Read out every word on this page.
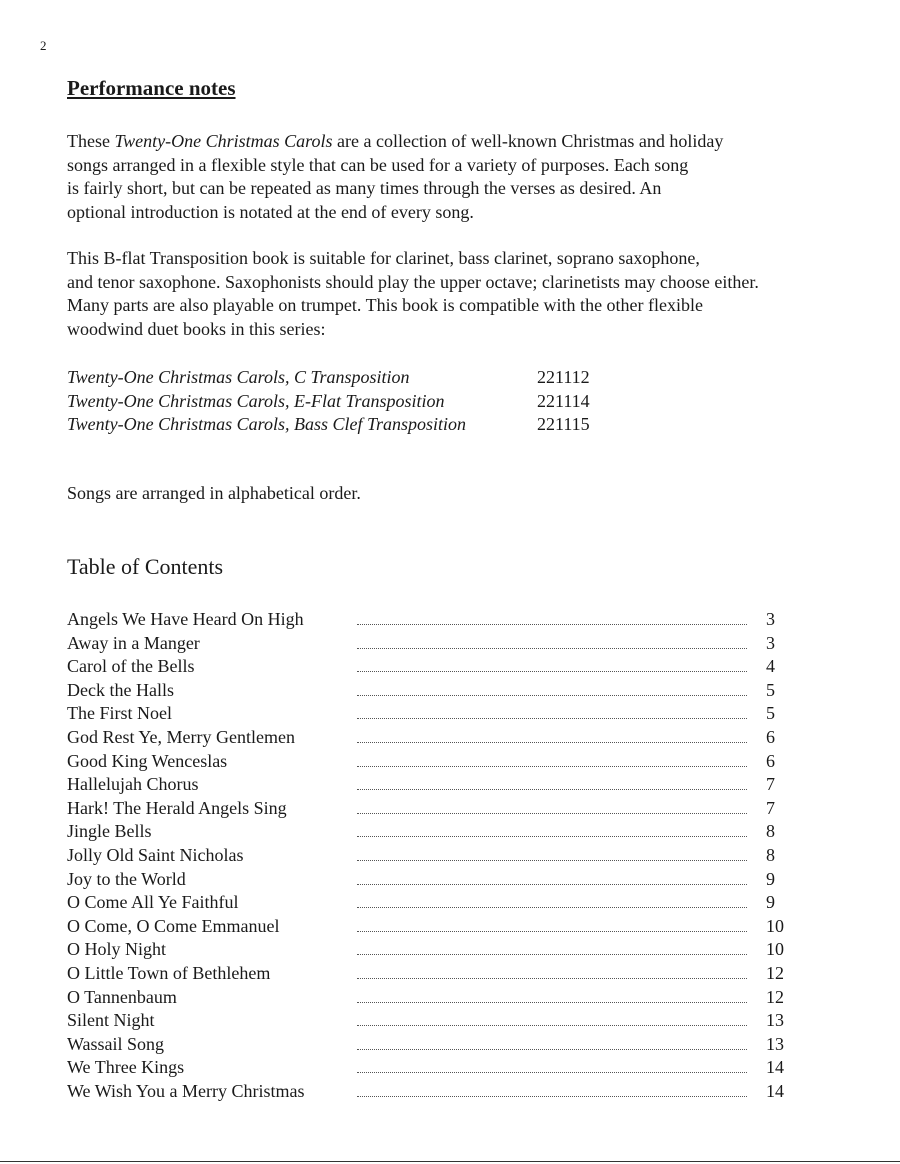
2
Performance notes
These Twenty-One Christmas Carols are a collection of well-known Christmas and holiday
songs arranged in a flexible style that can be used for a variety of purposes. Each song
is fairly short, but can be repeated as many times through the verses as desired. An
optional introduction is notated at the end of every song.
This B-flat Transposition book is suitable for clarinet, bass clarinet, soprano saxophone,
and tenor saxophone. Saxophonists should play the upper octave; clarinetists may choose either.
Many parts are also playable on trumpet. This book is compatible with the other flexible
woodwind duet books in this series:
Twenty-One Christmas Carols, C Transposition	221112
Twenty-One Christmas Carols, E-Flat Transposition	221114
Twenty-One Christmas Carols, Bass Clef Transposition	221115
Songs are arranged in alphabetical order.
Table of Contents
Angels We Have Heard On High	3
Away in a Manger	3
Carol of the Bells	4
Deck the Halls	5
The First Noel	5
God Rest Ye, Merry Gentlemen	6
Good King Wenceslas	6
Hallelujah Chorus	7
Hark! The Herald Angels Sing	7
Jingle Bells	8
Jolly Old Saint Nicholas	8
Joy to the World	9
O Come All Ye Faithful	9
O Come, O Come Emmanuel	10
O Holy Night	10
O Little Town of Bethlehem	12
O Tannenbaum	12
Silent Night	13
Wassail Song	13
We Three Kings	14
We Wish You a Merry Christmas	14
